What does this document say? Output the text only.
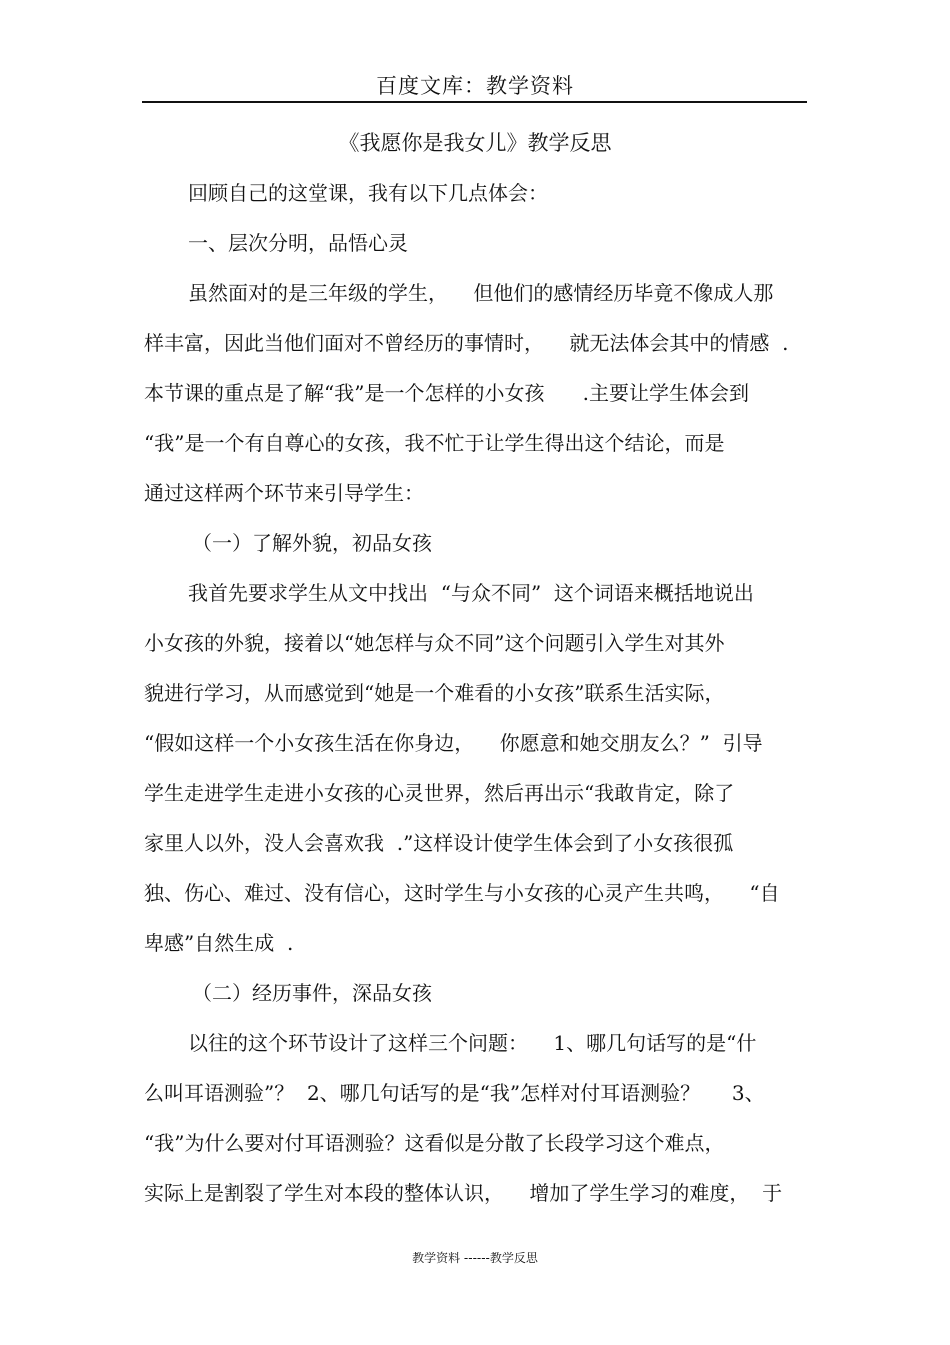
百度文库：教学资料
《我愿你是我女儿》教学反思
回顾自己的这堂课，我有以下几点体会：
一、层次分明，品悟心灵
虽然面对的是三年级的学生，    但他们的感情经历毕竟不像成人那
样丰富，因此当他们面对不曾经历的事情时，    就无法体会其中的情感  .
本节课的重点是了解“我”是一个怎样的小女孩      .主要让学生体会到
“我”是一个有自尊心的女孩，我不忙于让学生得出这个结论，而是
通过这样两个环节来引导学生：
（一）了解外貌，初品女孩
我首先要求学生从文中找出  “与众不同”  这个词语来概括地说出
小女孩的外貌，接着以“她怎样与众不同”这个问题引入学生对其外
貌进行学习，从而感觉到“她是一个难看的小女孩”联系生活实际，
“假如这样一个小女孩生活在你身边，    你愿意和她交朋友么？”  引导
学生走进学生走进小女孩的心灵世界，然后再出示“我敢肯定，除了
家里人以外，没人会喜欢我  .”这样设计使学生体会到了小女孩很孤
独、伤心、难过、没有信心，这时学生与小女孩的心灵产生共鸣，    “自
卑感”自然生成  .
（二）经历事件，深品女孩
以往的这个环节设计了这样三个问题：    1、哪几句话写的是“什
么叫耳语测验”？  2、哪几句话写的是“我”怎样对付耳语测验？     3、
“我”为什么要对付耳语测验？这看似是分散了长段学习这个难点，
实际上是割裂了学生对本段的整体认识，    增加了学生学习的难度，  于
教学资料 ------教学反思
